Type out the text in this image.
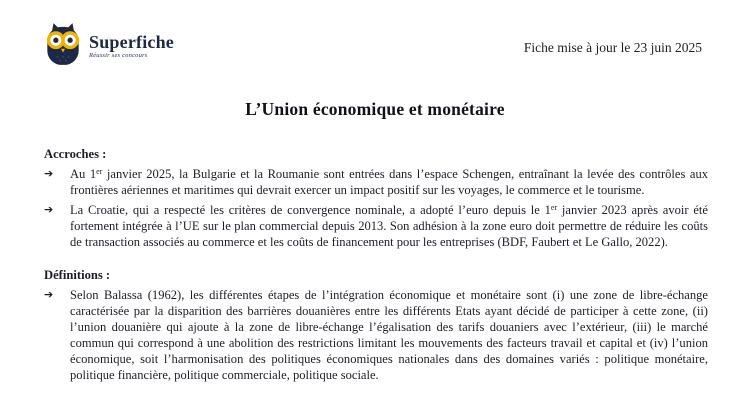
Superfiche
Réussir ses concours
Fiche mise à jour le 23 juin 2025
L’Union économique et monétaire
Accroches :
➔	Au 1er janvier 2025, la Bulgarie et la Roumanie sont entrées dans l’espace Schengen, entraînant la levée des contrôles aux frontières aériennes et maritimes qui devrait exercer un impact positif sur les voyages, le commerce et le tourisme.

➔	La Croatie, qui a respecté les critères de convergence nominale, a adopté l’euro depuis le 1er janvier 2023 après avoir été fortement intégrée à l’UE sur le plan commercial depuis 2013. Son adhésion à la zone euro doit permettre de réduire les coûts de transaction associés au commerce et les coûts de financement pour les entreprises (BDF, Faubert et Le Gallo, 2022).

Définitions :
➔	Selon Balassa (1962), les différentes étapes de l’intégration économique et monétaire sont (i) une zone de libre-échange caractérisée par la disparition des barrières douanières entre les différents Etats ayant décidé de participer à cette zone, (ii) l’union douanière qui ajoute à la zone de libre-échange l’égalisation des tarifs douaniers avec l’extérieur, (iii) le marché commun qui correspond à une abolition des restrictions limitant les mouvements des facteurs travail et capital et (iv) l’union économique, soit l’harmonisation des politiques économiques nationales dans des domaines variés : politique monétaire, politique financière, politique commerciale, politique sociale.
